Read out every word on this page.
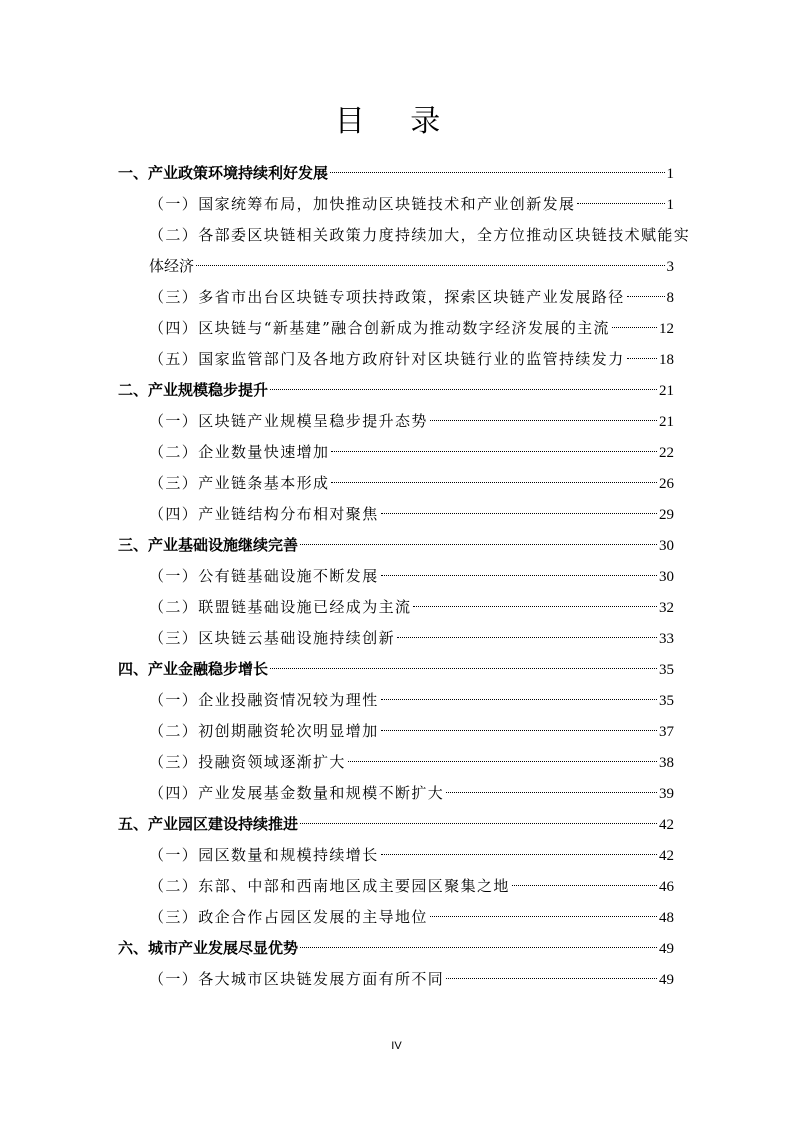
目 录
一、产业政策环境持续利好发展	1
（一）国家统筹布局，加快推动区块链技术和产业创新发展	1
（二）各部委区块链相关政策力度持续加大，全方位推动区块链技术赋能实
体经济	3
（三）多省市出台区块链专项扶持政策，探索区块链产业发展路径	8
（四）区块链与“新基建”融合创新成为推动数字经济发展的主流	12
（五）国家监管部门及各地方政府针对区块链行业的监管持续发力 18
二、产业规模稳步提升	21
（一）区块链产业规模呈稳步提升态势	21
（二）企业数量快速增加	22
（三）产业链条基本形成	26
（四）产业链结构分布相对聚焦	29
三、产业基础设施继续完善	30
（一）公有链基础设施不断发展	30
（二）联盟链基础设施已经成为主流	32
（三）区块链云基础设施持续创新	33
四、产业金融稳步增长	35
（一）企业投融资情况较为理性	35
（二）初创期融资轮次明显增加	37
（三）投融资领域逐渐扩大	38
（四）产业发展基金数量和规模不断扩大	39
五、产业园区建设持续推进	42
（一）园区数量和规模持续增长	42
（二）东部、中部和西南地区成主要园区聚集之地	46
（三）政企合作占园区发展的主导地位	48
六、城市产业发展尽显优势	49
（一）各大城市区块链发展方面有所不同	49
IV
